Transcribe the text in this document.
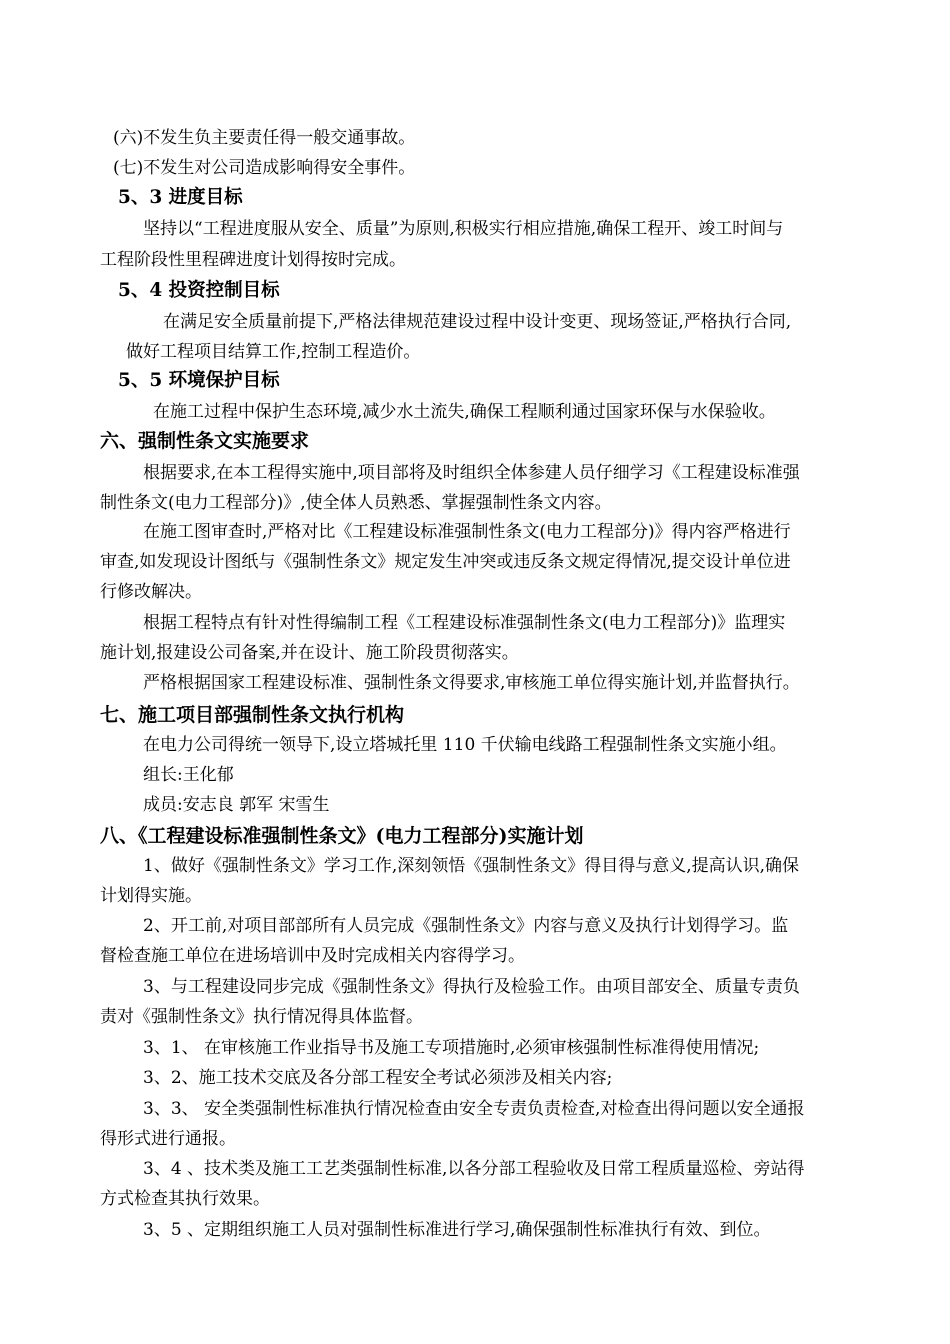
(六)不发生负主要责任得一般交通事故。
(七)不发生对公司造成影响得安全事件。
5、3 进度目标
坚持以“工程进度服从安全、质量”为原则,积极实行相应措施,确保工程开、竣工时间与
工程阶段性里程碑进度计划得按时完成。
5、4 投资控制目标
在满足安全质量前提下,严格法律规范建设过程中设计变更、现场签证,严格执行合同,
做好工程项目结算工作,控制工程造价。
5、5 环境保护目标
在施工过程中保护生态环境,减少水土流失,确保工程顺利通过国家环保与水保验收。
六、强制性条文实施要求
根据要求,在本工程得实施中,项目部将及时组织全体参建人员仔细学习《工程建设标准强
制性条文(电力工程部分)》,使全体人员熟悉、掌握强制性条文内容。
在施工图审查时,严格对比《工程建设标准强制性条文(电力工程部分)》得内容严格进行
审查,如发现设计图纸与《强制性条文》规定发生冲突或违反条文规定得情况,提交设计单位进
行修改解决。
根据工程特点有针对性得编制工程《工程建设标准强制性条文(电力工程部分)》监理实
施计划,报建设公司备案,并在设计、施工阶段贯彻落实。
严格根据国家工程建设标准、强制性条文得要求,审核施工单位得实施计划,并监督执行。
七、施工项目部强制性条文执行机构
在电力公司得统一领导下,设立塔城托里 110 千伏输电线路工程强制性条文实施小组。
组长:王化郁
成员:安志良 郭军 宋雪生
八、《工程建设标准强制性条文》(电力工程部分)实施计划
1、做好《强制性条文》学习工作,深刻领悟《强制性条文》得目得与意义,提高认识,确保
计划得实施。
2、开工前,对项目部部所有人员完成《强制性条文》内容与意义及执行计划得学习。监
督检查施工单位在进场培训中及时完成相关内容得学习。
3、与工程建设同步完成《强制性条文》得执行及检验工作。由项目部安全、质量专责负
责对《强制性条文》执行情况得具体监督。
3、1、 在审核施工作业指导书及施工专项措施时,必须审核强制性标准得使用情况;
3、2、施工技术交底及各分部工程安全考试必须涉及相关内容;
3、3、 安全类强制性标准执行情况检查由安全专责负责检查,对检查出得问题以安全通报
得形式进行通报。
3、4 、技术类及施工工艺类强制性标准,以各分部工程验收及日常工程质量巡检、旁站得
方式检查其执行效果。
3、5 、定期组织施工人员对强制性标准进行学习,确保强制性标准执行有效、到位。
